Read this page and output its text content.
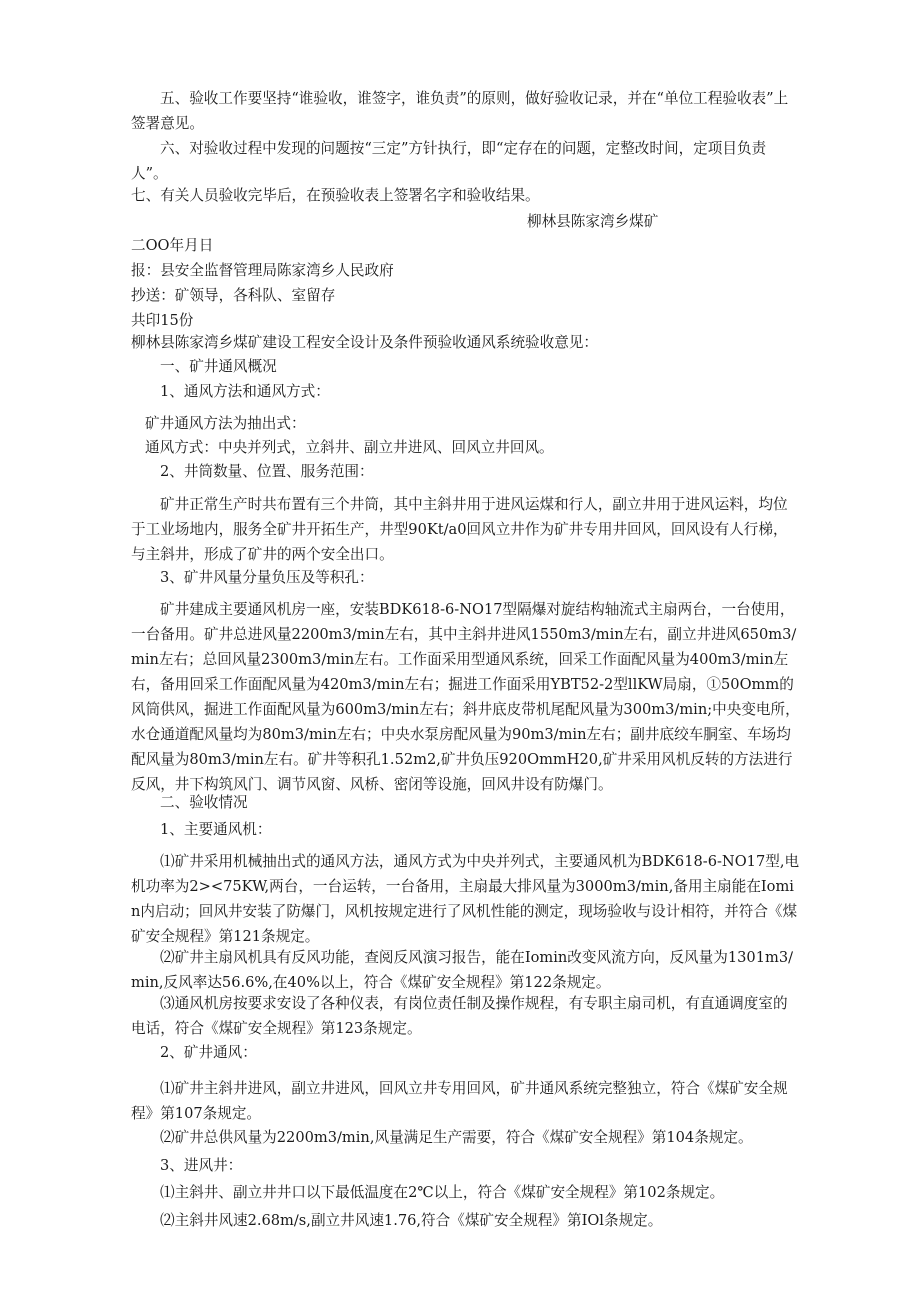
五、验收工作要坚持“谁验收，谁签字，谁负责”的原则，做好验收记录，并在“单位工程验收表”上签署意见。

六、对验收过程中发现的问题按“三定”方针执行，即“定存在的问题，定整改时间，定项目负责人”。

七、有关人员验收完毕后，在预验收表上签署名字和验收结果。

柳林县陈家湾乡煤矿

二OO年月日

报：县安全监督管理局陈家湾乡人民政府

抄送：矿领导，各科队、室留存

共印15份

柳林县陈家湾乡煤矿建设工程安全设计及条件预验收通风系统验收意见：

一、矿井通风概况

1、通风方法和通风方式：

矿井通风方法为抽出式：

通风方式：中央并列式，立斜井、副立井进风、回风立井回风。

2、井筒数量、位置、服务范围：

矿井正常生产时共布置有三个井筒，其中主斜井用于进风运煤和行人，副立井用于进风运料，均位于工业场地内，服务全矿井开拓生产，井型90Kt∕a0回风立井作为矿井专用井回风，回风设有人行梯，与主斜井，形成了矿井的两个安全出口。

3、矿井风量分量负压及等积孔：

矿井建成主要通风机房一座，安装BDK618-6-NO17型隔爆对旋结构轴流式主扇两台，一台使用，一台备用。矿井总进风量2200m3∕min左右，其中主斜井进风1550m3∕min左右，副立井进风650m3∕min左右；总回风量2300m3∕min左右。工作面采用型通风系统，回采工作面配风量为400m3∕min左右，备用回采工作面配风量为420m3∕min左右；掘进工作面采用YBT52-2型llKW局扇，①50Omm的风筒供风，掘进工作面配风量为600m3∕min左右；斜井底皮带机尾配风量为300m3∕min;中央变电所，水仓通道配风量均为80m3∕min左右；中央水泵房配风量为90m3∕min左右；副井底绞车胴室、车场均配风量为80m3∕min左右。矿井等积孔1.52m2,矿井负压920OmmH20,矿井采用风机反转的方法进行反风，井下构筑风门、调节风窗、风桥、密闭等设施，回风井设有防爆门。

二、验收情况

1、主要通风机：

⑴矿井采用机械抽出式的通风方法，通风方式为中央并列式，主要通风机为BDK618-6-NO17型,电机功率为2><75KW,两台，一台运转，一台备用，主扇最大排风量为3000m3∕min,备用主扇能在Iomin内启动；回风井安装了防爆门，风机按规定进行了风机性能的测定，现场验收与设计相符，并符合《煤矿安全规程》第121条规定。

⑵矿井主扇风机具有反风功能，查阅反风演习报告，能在Iomin改变风流方向，反风量为1301m3∕min,反风率达56.6%,在40%以上，符合《煤矿安全规程》第122条规定。

⑶通风机房按要求安设了各种仪表，有岗位责任制及操作规程，有专职主扇司机，有直通调度室的电话，符合《煤矿安全规程》第123条规定。

2、矿井通风：

⑴矿井主斜井进风，副立井进风，回风立井专用回风，矿井通风系统完整独立，符合《煤矿安全规程》第107条规定。

⑵矿井总供风量为2200m3∕min,风量满足生产需要，符合《煤矿安全规程》第104条规定。

3、进风井：

⑴主斜井、副立井井口以下最低温度在2℃以上，符合《煤矿安全规程》第102条规定。

⑵主斜井风速2.68m∕s,副立井风速1.76,符合《煤矿安全规程》第IOl条规定。
